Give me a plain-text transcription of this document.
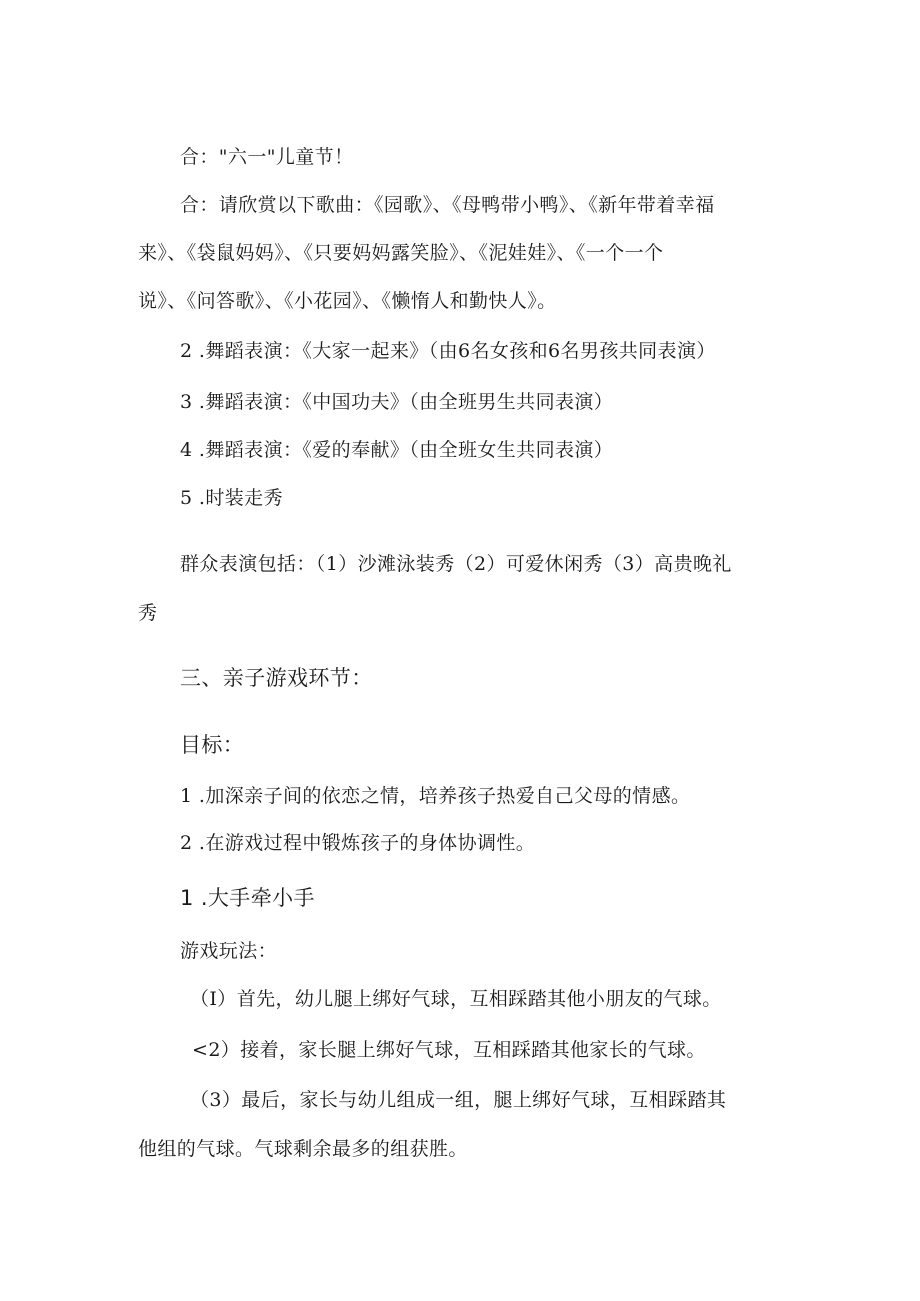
合："六一"儿童节！
合：请欣赏以下歌曲：《园歌》、《母鸭带小鸭》、《新年带着幸福
来》、《袋鼠妈妈》、《只要妈妈露笑脸》、《泥娃娃》、《一个一个
说》、《问答歌》、《小花园》、《懒惰人和勤快人》。
2 .舞蹈表演：《大家一起来》（由6名女孩和6名男孩共同表演）
3 .舞蹈表演：《中国功夫》（由全班男生共同表演）
4 .舞蹈表演：《爱的奉献》（由全班女生共同表演）
5 .时装走秀
群众表演包括：（1）沙滩泳装秀（2）可爱休闲秀（3）高贵晚礼
秀
三、亲子游戏环节：
目标：
1 .加深亲子间的依恋之情，培养孩子热爱自己父母的情感。
2 .在游戏过程中锻炼孩子的身体协调性。
1 .大手牵小手
游戏玩法：
（I）首先，幼儿腿上绑好气球，互相踩踏其他小朋友的气球。
<2）接着，家长腿上绑好气球，互相踩踏其他家长的气球。
（3）最后，家长与幼儿组成一组，腿上绑好气球，互相踩踏其
他组的气球。气球剩余最多的组获胜。
